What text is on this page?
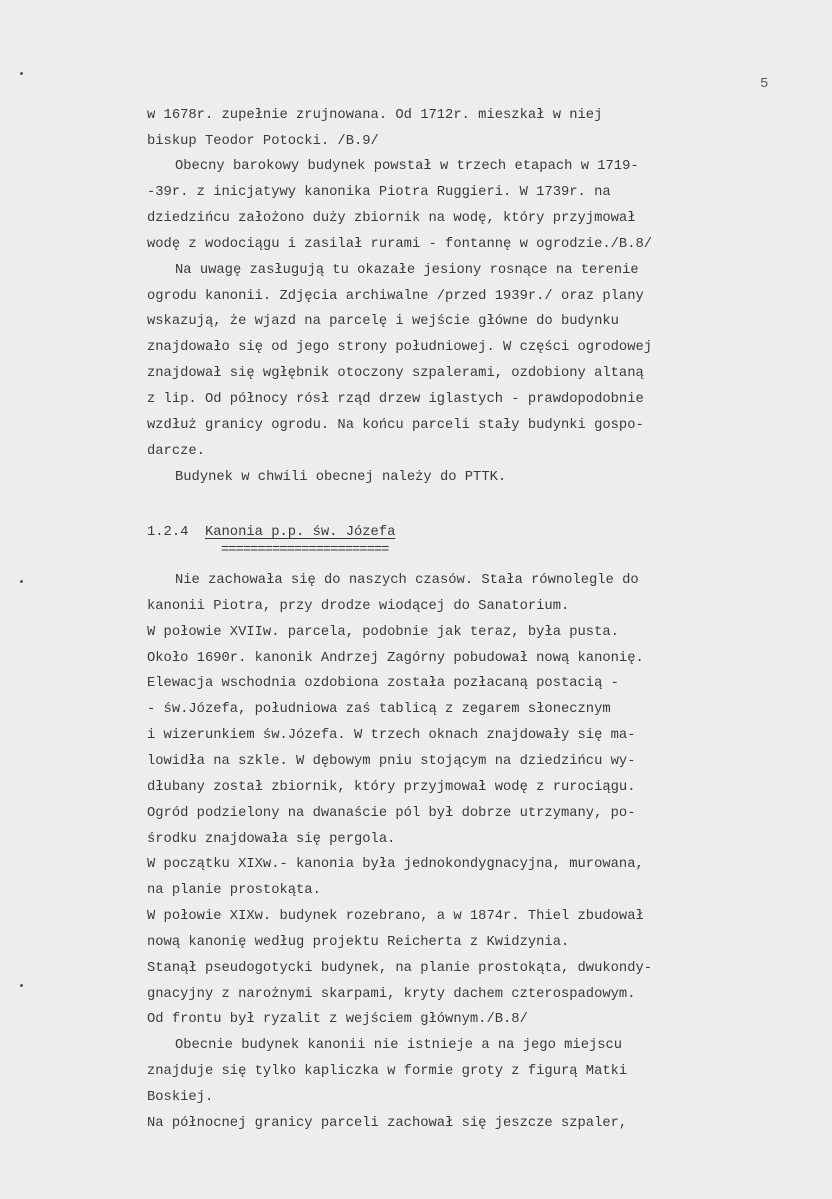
5
w 1678r. zupełnie zrujnowana. Od 1712r. mieszkał w niej
biskup Teodor Potocki. /B.9/
Obecny barokowy budynek powstał w trzech etapach w 1719-
-39r. z inicjatywy kanonika Piotra Ruggieri. W 1739r. na
dziedzińcu założono duży zbiornik na wodę, który przyjmował
wodę z wodociągu i zasilał rurami - fontannę w ogrodzie./B.8/
Na uwagę zasługują tu okazałe jesiony rosnące na terenie
ogrodu kanonii. Zdjęcia archiwalne /przed 1939r./ oraz plany
wskazują, że wjazd na parcelę i wejście główne do budynku
znajdowało się od jego strony południowej. W części ogrodowej
znajdował się wgłębnik otoczony szpalerami, ozdobiony altaną
z lip. Od północy rósł rząd drzew iglastych - prawdopodobnie
wzdłuż granicy ogrodu. Na końcu parceli stały budynki gospo-
darcze.
Budynek w chwili obecnej należy do PTTK.
1.2.4 Kanonia p.p. św. Józefa
=======================
Nie zachowała się do naszych czasów. Stała równolegle do
kanonii Piotra, przy drodze wiodącej do Sanatorium.
W połowie XVIIw. parcela, podobnie jak teraz, była pusta.
Około 1690r. kanonik Andrzej Zagórny pobudował nową kanonię.
Elewacja wschodnia ozdobiona została pozłacaną postacią -
- św.Józefa, południowa zaś tablicą z zegarem słonecznym
i wizerunkiem św.Józefa. W trzech oknach znajdowały się ma-
lowidła na szkle. W dębowym pniu stojącym na dziedzińcu wy-
dłubany został zbiornik, który przyjmował wodę z rurociągu.
Ogród podzielony na dwanaście pól był dobrze utrzymany, po-
środku znajdowała się pergola.
W początku XIXw.- kanonia była jednokondygnacyjna, murowana,
na planie prostokąta.
W połowie XIXw. budynek rozebrano, a w 1874r. Thiel zbudował
nową kanonię według projektu Reicherta z Kwidzynia.
Stanął pseudogotycki budynek, na planie prostokąta, dwukondy-
gnacyjny z narożnymi skarpami, kryty dachem czterospadowym.
Od frontu był ryzalit z wejściem głównym./B.8/
Obecnie budynek kanonii nie istnieje a na jego miejscu
znajduje się tylko kapliczka w formie groty z figurą Matki
Boskiej.
Na północnej granicy parceli zachował się jeszcze szpaler,
